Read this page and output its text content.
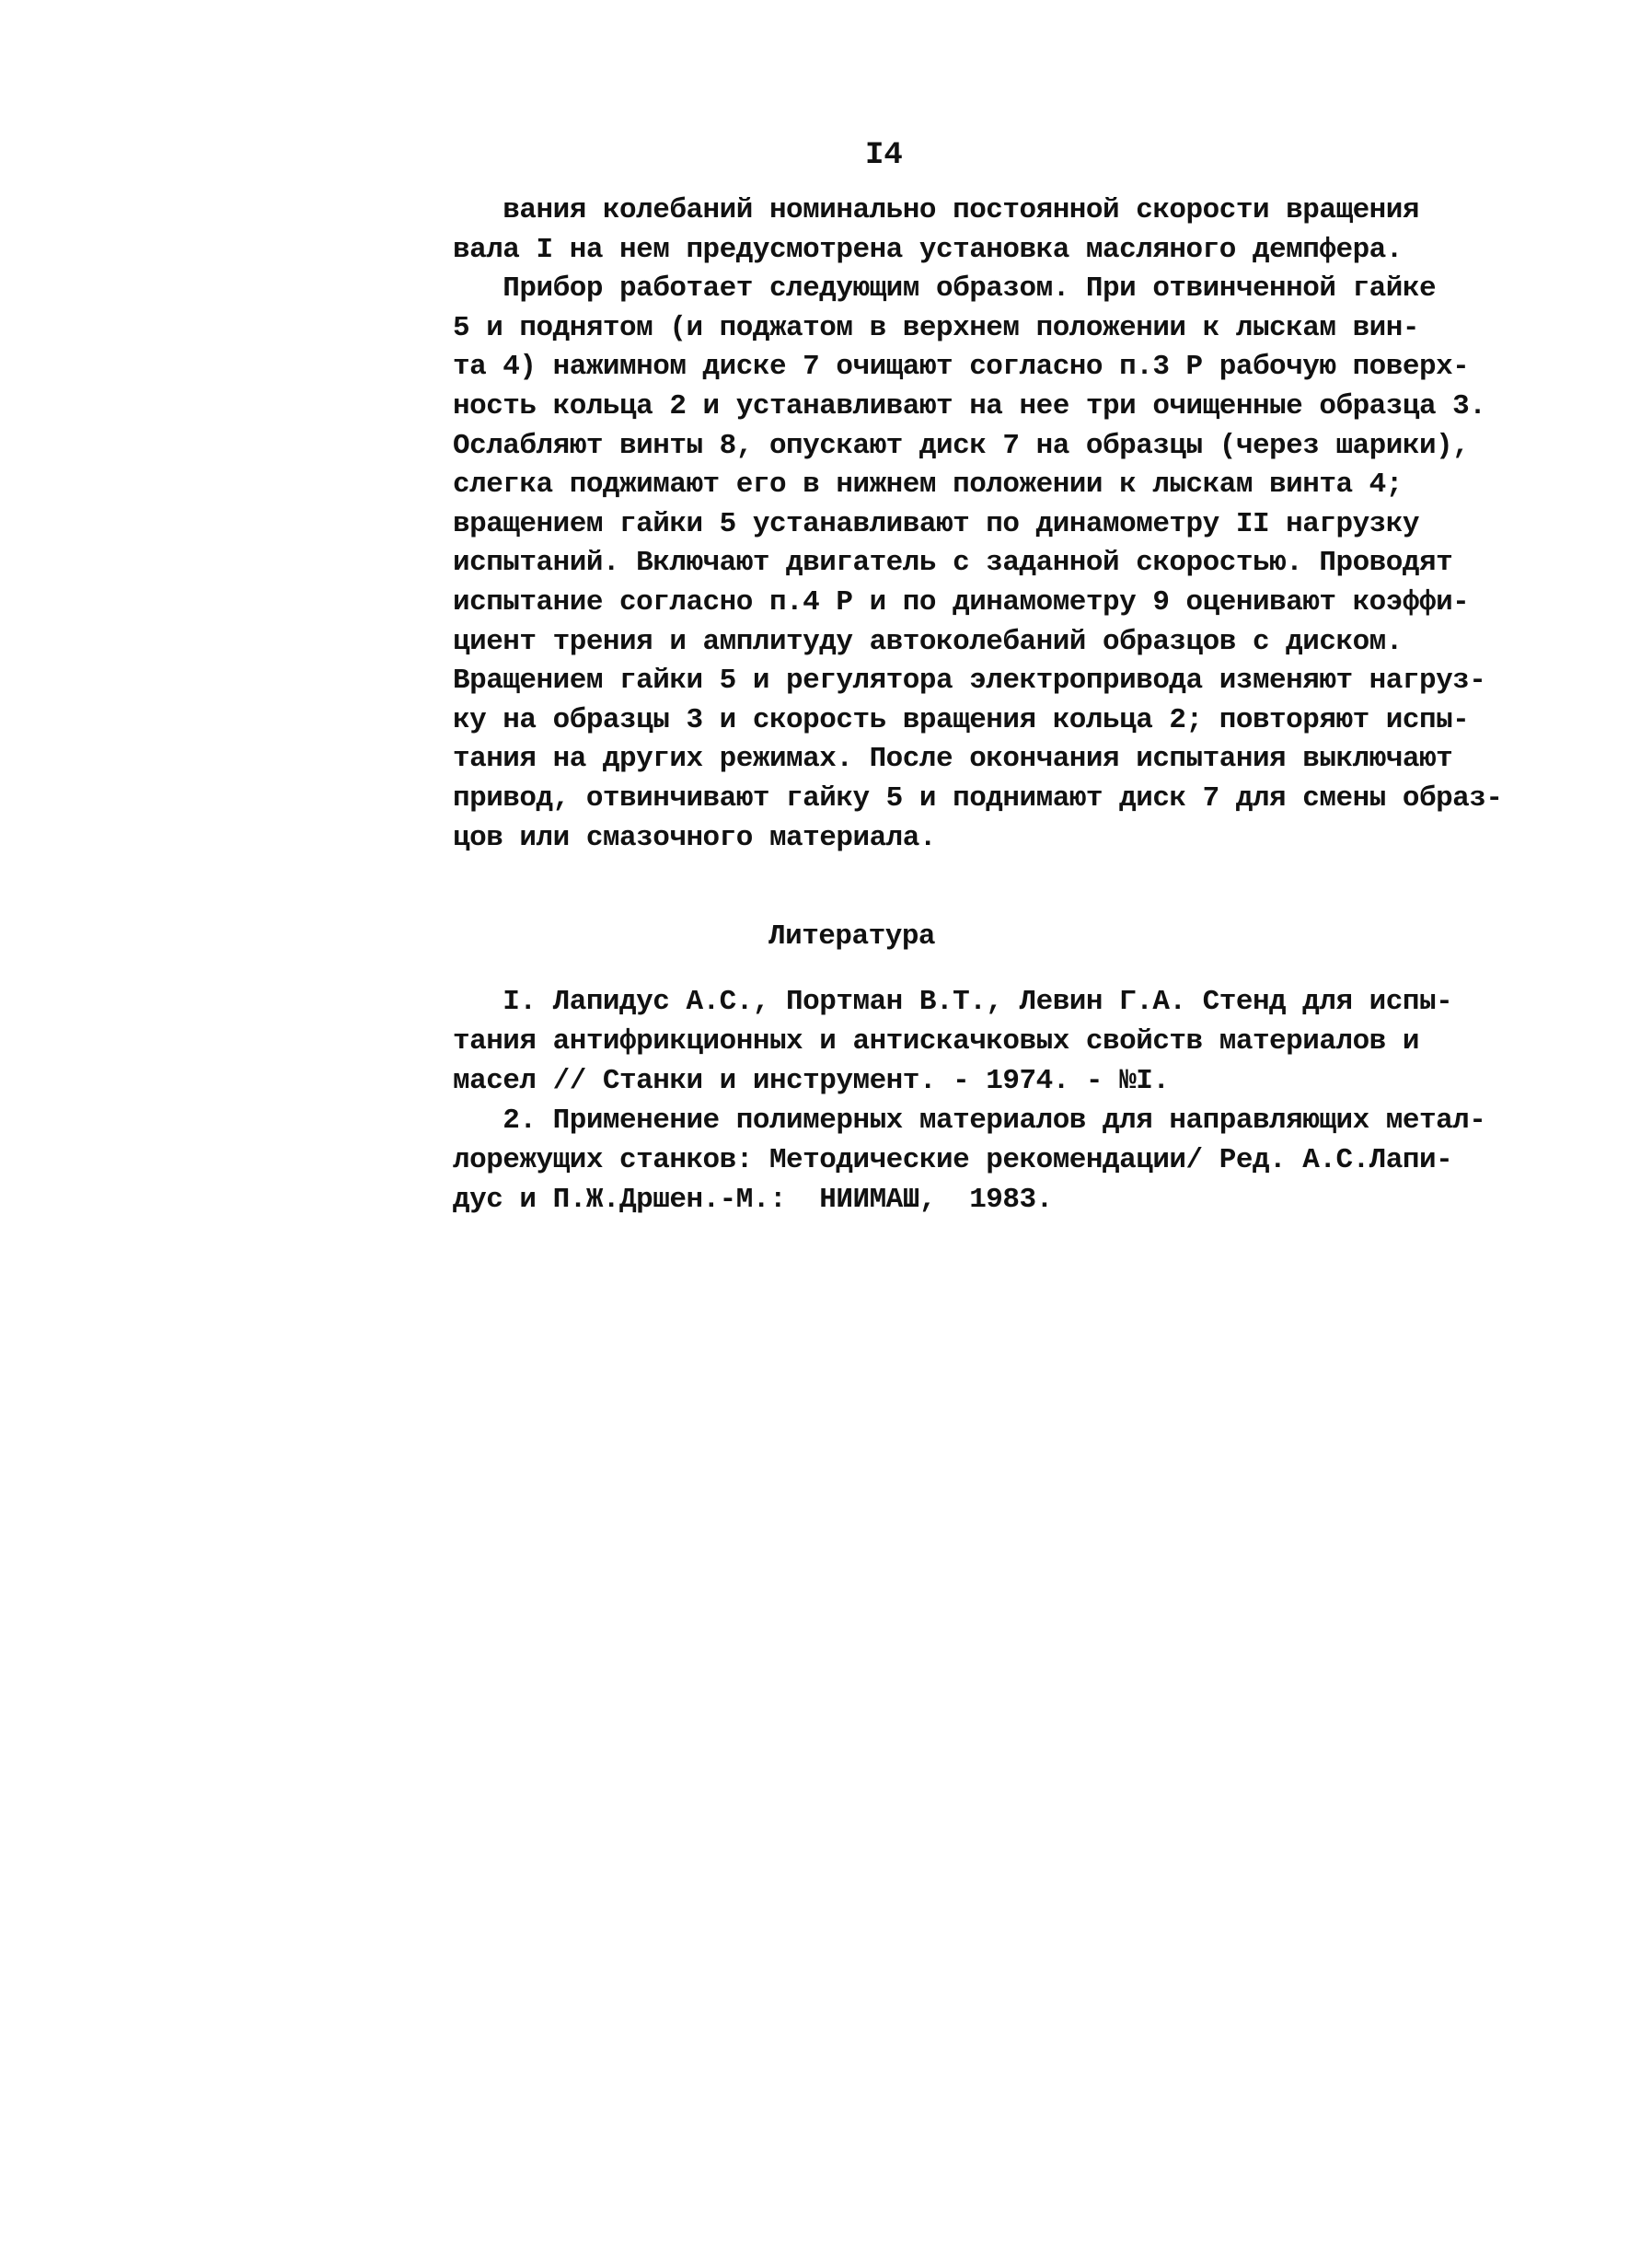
I4
вания колебаний номинально постоянной скорости вращения
вала I на нем предусмотрена установка масляного демпфера.
Прибор работает следующим образом. При отвинченной гайке
5 и поднятом (и поджатом в верхнем положении к лыскам вин-
та 4) нажимном диске 7 очищают согласно п.3 Р рабочую поверх-
ность кольца 2 и устанавливают на нее три очищенные образца 3.
Ослабляют винты 8, опускают диск 7 на образцы (через шарики),
слегка поджимают его в нижнем положении к лыскам винта 4;
вращением гайки 5 устанавливают по динамометру II нагрузку
испытаний. Включают двигатель с заданной скоростью. Проводят
испытание согласно п.4 Р и по динамометру 9 оценивают коэффи-
циент трения и амплитуду автоколебаний образцов с диском.
Вращением гайки 5 и регулятора электропривода изменяют нагруз-
ку на образцы 3 и скорость вращения кольца 2; повторяют испы-
тания на других режимах. После окончания испытания выключают
привод, отвинчивают гайку 5 и поднимают диск 7 для смены образ-
цов или смазочного материала.
Литература
I. Лапидус А.С., Портман В.Т., Левин Г.А. Стенд для испы-
тания антифрикционных и антискачковых свойств материалов и
масел // Станки и инструмент. - 1974. - №I.
2. Применение полимерных материалов для направляющих метал-
лорежущих станков: Методические рекомендации/ Ред. А.С.Лапи-
дус и П.Ж.Дршен.-М.:  НИИМАШ,  1983.
